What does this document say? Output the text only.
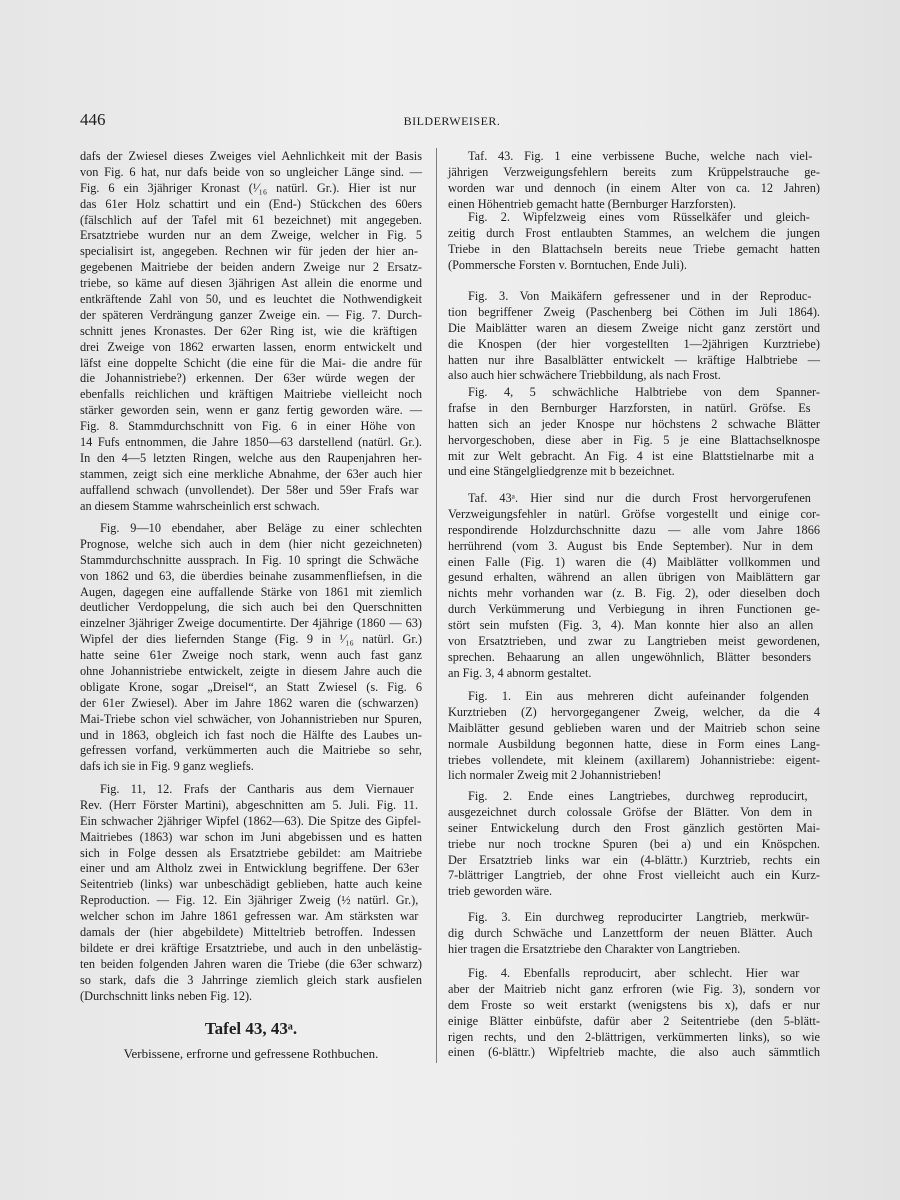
446	BILDERWEISER.
dafs der Zwiesel dieses Zweiges viel Aehnlichkeit mit der Basis
von Fig. 6 hat, nur dafs beide von so ungleicher Länge sind. —
Fig. 6 ein 3jähriger Kronast (¹⁄₁₆ natürl. Gr.). Hier ist nur
das 61er Holz schattirt und ein (End-) Stückchen des 60ers
(fälschlich auf der Tafel mit 61 bezeichnet) mit angegeben.
Ersatztriebe wurden nur an dem Zweige, welcher in Fig. 5
specialisirt ist, angegeben. Rechnen wir für jeden der hier an-
gegebenen Maitriebe der beiden andern Zweige nur 2 Ersatz-
triebe, so käme auf diesen 3jährigen Ast allein die enorme und
entkräftende Zahl von 50, und es leuchtet die Nothwendigkeit
der späteren Verdrängung ganzer Zweige ein. — Fig. 7. Durch-
schnitt jenes Kronastes. Der 62er Ring ist, wie die kräftigen
drei Zweige von 1862 erwarten lassen, enorm entwickelt und
läfst eine doppelte Schicht (die eine für die Mai- die andre für
die Johannistriebe?) erkennen. Der 63er würde wegen der
ebenfalls reichlichen und kräftigen Maitriebe vielleicht noch
stärker geworden sein, wenn er ganz fertig geworden wäre. —
Fig. 8. Stammdurchschnitt von Fig. 6 in einer Höhe von
14 Fufs entnommen, die Jahre 1850—63 darstellend (natürl. Gr.).
In den 4—5 letzten Ringen, welche aus den Raupenjahren her-
stammen, zeigt sich eine merkliche Abnahme, der 63er auch hier
auffallend schwach (unvollendet). Der 58er und 59er Frafs war
an diesem Stamme wahrscheinlich erst schwach.
Fig. 9—10 ebendaher, aber Beläge zu einer schlechten
Prognose, welche sich auch in dem (hier nicht gezeichneten)
Stammdurchschnitte aussprach. In Fig. 10 springt die Schwäche
von 1862 und 63, die überdies beinahe zusammenfliefsen, in die
Augen, dagegen eine auffallende Stärke von 1861 mit ziemlich
deutlicher Verdoppelung, die sich auch bei den Querschnitten
einzelner 3jähriger Zweige documentirte. Der 4jährige (1860 — 63)
Wipfel der dies liefernden Stange (Fig. 9 in ¹⁄₁₆ natürl. Gr.)
hatte seine 61er Zweige noch stark, wenn auch fast ganz
ohne Johannistriebe entwickelt, zeigte in diesem Jahre auch die
obligate Krone, sogar „Dreisel“, an Statt Zwiesel (s. Fig. 6
der 61er Zwiesel). Aber im Jahre 1862 waren die (schwarzen)
Mai-Triebe schon viel schwächer, von Johannistrieben nur Spuren,
und in 1863, obgleich ich fast noch die Hälfte des Laubes un-
gefressen vorfand, verkümmerten auch die Maitriebe so sehr,
dafs ich sie in Fig. 9 ganz wegliefs.
Fig. 11, 12. Frafs der Cantharis aus dem Viernauer
Rev. (Herr Förster Martini), abgeschnitten am 5. Juli. Fig. 11.
Ein schwacher 2jähriger Wipfel (1862—63). Die Spitze des Gipfel-
Maitriebes (1863) war schon im Juni abgebissen und es hatten
sich in Folge dessen als Ersatztriebe gebildet: am Maitriebe
einer und am Altholz zwei in Entwicklung begriffene. Der 63er
Seitentrieb (links) war unbeschädigt geblieben, hatte auch keine
Reproduction. — Fig. 12. Ein 3jähriger Zweig (½ natürl. Gr.),
welcher schon im Jahre 1861 gefressen war. Am stärksten war
damals der (hier abgebildete) Mitteltrieb betroffen. Indessen
bildete er drei kräftige Ersatztriebe, und auch in den unbelästig-
ten beiden folgenden Jahren waren die Triebe (die 63er schwarz)
so stark, dafs die 3 Jahrringe ziemlich gleich stark ausfielen
(Durchschnitt links neben Fig. 12).
Tafel 43, 43ᵃ.
Verbissene, erfrorne und gefressene Rothbuchen.
Taf. 43. Fig. 1 eine verbissene Buche, welche nach viel-
jährigen Verzweigungsfehlern bereits zum Krüppelstrauche ge-
worden war und dennoch (in einem Alter von ca. 12 Jahren)
einen Höhentrieb gemacht hatte (Bernburger Harzforsten).
Fig. 2. Wipfelzweig eines vom Rüsselkäfer und gleich-
zeitig durch Frost entlaubten Stammes, an welchem die jungen
Triebe in den Blattachseln bereits neue Triebe gemacht hatten
(Pommersche Forsten v. Borntuchen, Ende Juli).
Fig. 3. Von Maikäfern gefressener und in der Reproduc-
tion begriffener Zweig (Paschenberg bei Cöthen im Juli 1864).
Die Maiblätter waren an diesem Zweige nicht ganz zerstört und
die Knospen (der hier vorgestellten 1—2jährigen Kurztriebe)
hatten nur ihre Basalblätter entwickelt — kräftige Halbtriebe —
also auch hier schwächere Triebbildung, als nach Frost.
Fig. 4, 5 schwächliche Halbtriebe von dem Spanner-
frafse in den Bernburger Harzforsten, in natürl. Gröfse. Es
hatten sich an jeder Knospe nur höchstens 2 schwache Blätter
hervorgeschoben, diese aber in Fig. 5 je eine Blattachselknospe
mit zur Welt gebracht. An Fig. 4 ist eine Blattstielnarbe mit a
und eine Stängelgliedgrenze mit b bezeichnet.
Taf. 43ᵃ. Hier sind nur die durch Frost hervorgerufenen
Verzweigungsfehler in natürl. Gröfse vorgestellt und einige cor-
respondirende Holzdurchschnitte dazu — alle vom Jahre 1866
herrührend (vom 3. August bis Ende September). Nur in dem
einen Falle (Fig. 1) waren die (4) Maiblätter vollkommen und
gesund erhalten, während an allen übrigen von Maiblättern gar
nichts mehr vorhanden war (z. B. Fig. 2), oder dieselben doch
durch Verkümmerung und Verbiegung in ihren Functionen ge-
stört sein mufsten (Fig. 3, 4). Man konnte hier also an allen
von Ersatztrieben, und zwar zu Langtrieben meist gewordenen,
sprechen. Behaarung an allen ungewöhnlich, Blätter besonders
an Fig. 3, 4 abnorm gestaltet.
Fig. 1. Ein aus mehreren dicht aufeinander folgenden
Kurztrieben (Z) hervorgegangener Zweig, welcher, da die 4
Maiblätter gesund geblieben waren und der Maitrieb schon seine
normale Ausbildung begonnen hatte, diese in Form eines Lang-
triebes vollendete, mit kleinem (axillarem) Johannistriebe: eigent-
lich normaler Zweig mit 2 Johannistrieben!
Fig. 2. Ende eines Langtriebes, durchweg reproducirt,
ausgezeichnet durch colossale Gröfse der Blätter. Von dem in
seiner Entwickelung durch den Frost gänzlich gestörten Mai-
triebe nur noch trockne Spuren (bei a) und ein Knöspchen.
Der Ersatztrieb links war ein (4-blättr.) Kurztrieb, rechts ein
7-blättriger Langtrieb, der ohne Frost vielleicht auch ein Kurz-
trieb geworden wäre.
Fig. 3. Ein durchweg reproducirter Langtrieb, merkwür-
dig durch Schwäche und Lanzettform der neuen Blätter. Auch
hier tragen die Ersatztriebe den Charakter von Langtrieben.
Fig. 4. Ebenfalls reproducirt, aber schlecht. Hier war
aber der Maitrieb nicht ganz erfroren (wie Fig. 3), sondern vor
dem Froste so weit erstarkt (wenigstens bis x), dafs er nur
einige Blätter einbüfste, dafür aber 2 Seitentriebe (den 5-blätt-
rigen rechts, und den 2-blättrigen, verkümmerten links), so wie
einen (6-blättr.) Wipfeltrieb machte, die also auch sämmtlich
